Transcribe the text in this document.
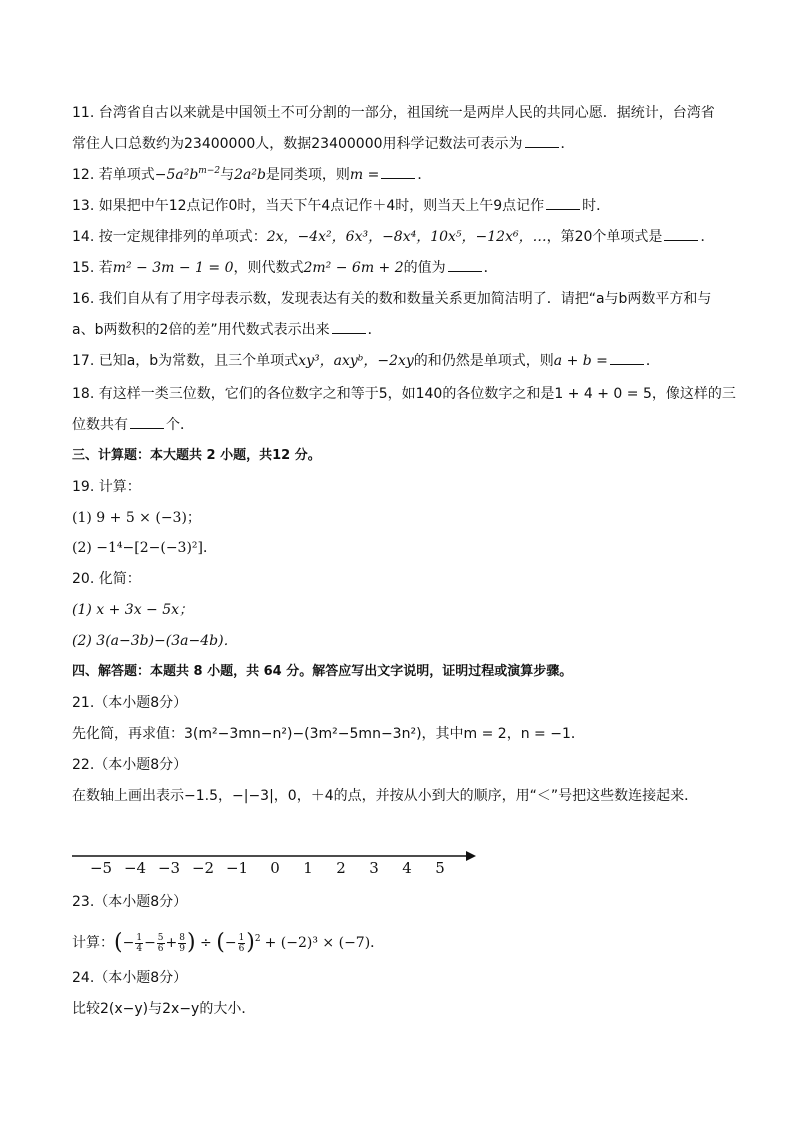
11. 台湾省自古以来就是中国领土不可分割的一部分，祖国统一是两岸人民的共同心愿．据统计，台湾省
常住人口总数约为23400000人，数据23400000用科学记数法可表示为	．
12. 若单项式$-5a^2b^{m-2}$与2a²b是同类项，则m =	．
13. 如果把中午12点记作0时，当天下午4点记作＋4时，则当天上午9点记作	时．
14. 按一定规律排列的单项式：2x，−4x²，6x³，−8x⁴，10x⁵，−12x⁶，…，第20个单项式是	．
15. 若m² − 3m − 1 = 0，则代数式2m² − 6m + 2的值为	．
16. 我们自从有了用字母表示数，发现表达有关的数和数量关系更加简洁明了．请把“a与b两数平方和与
a、b两数积的2倍的差”用代数式表示出来	．
17. 已知a，b为常数，且三个单项式xy³，axyᵇ，−2xy的和仍然是单项式，则a + b =	．
18. 有这样一类三位数，它们的各位数字之和等于5，如140的各位数字之和是1 + 4 + 0 = 5，像这样的三
位数共有	个．
三、计算题：本大题共 2 小题，共12 分。
19. 计算：
(1) 9 + 5 × (−3)；
(2) −1⁴−[2−(−3)²]．
20. 化简：
(1) x + 3x − 5x；
(2) 3(a−3b)−(3a−4b)．
四、解答题：本题共 8 小题，共 64 分。解答应写出文字说明，证明过程或演算步骤。
21.（本小题8分）
先化简，再求值：3(m²−3mn−n²)−(3m²−5mn−3n²)，其中m = 2，n = −1．
22.（本小题8分）
在数轴上画出表示−1.5，−|−3|，0，＋4的点，并按从小到大的顺序，用“＜”号把这些数连接起来．
−5 −4 −3 −2 −1 0 1 2 3 4 5
23.（本小题8分）
计算：(− $\frac{1}{4} - \frac{5}{6} + \frac{8}{9}$ ) ÷ (− $\frac{1}{6} )^2 + (-2)^3 \times (-7)$．
24.（本小题8分）
比较2(x−y)与2x−y的大小．
